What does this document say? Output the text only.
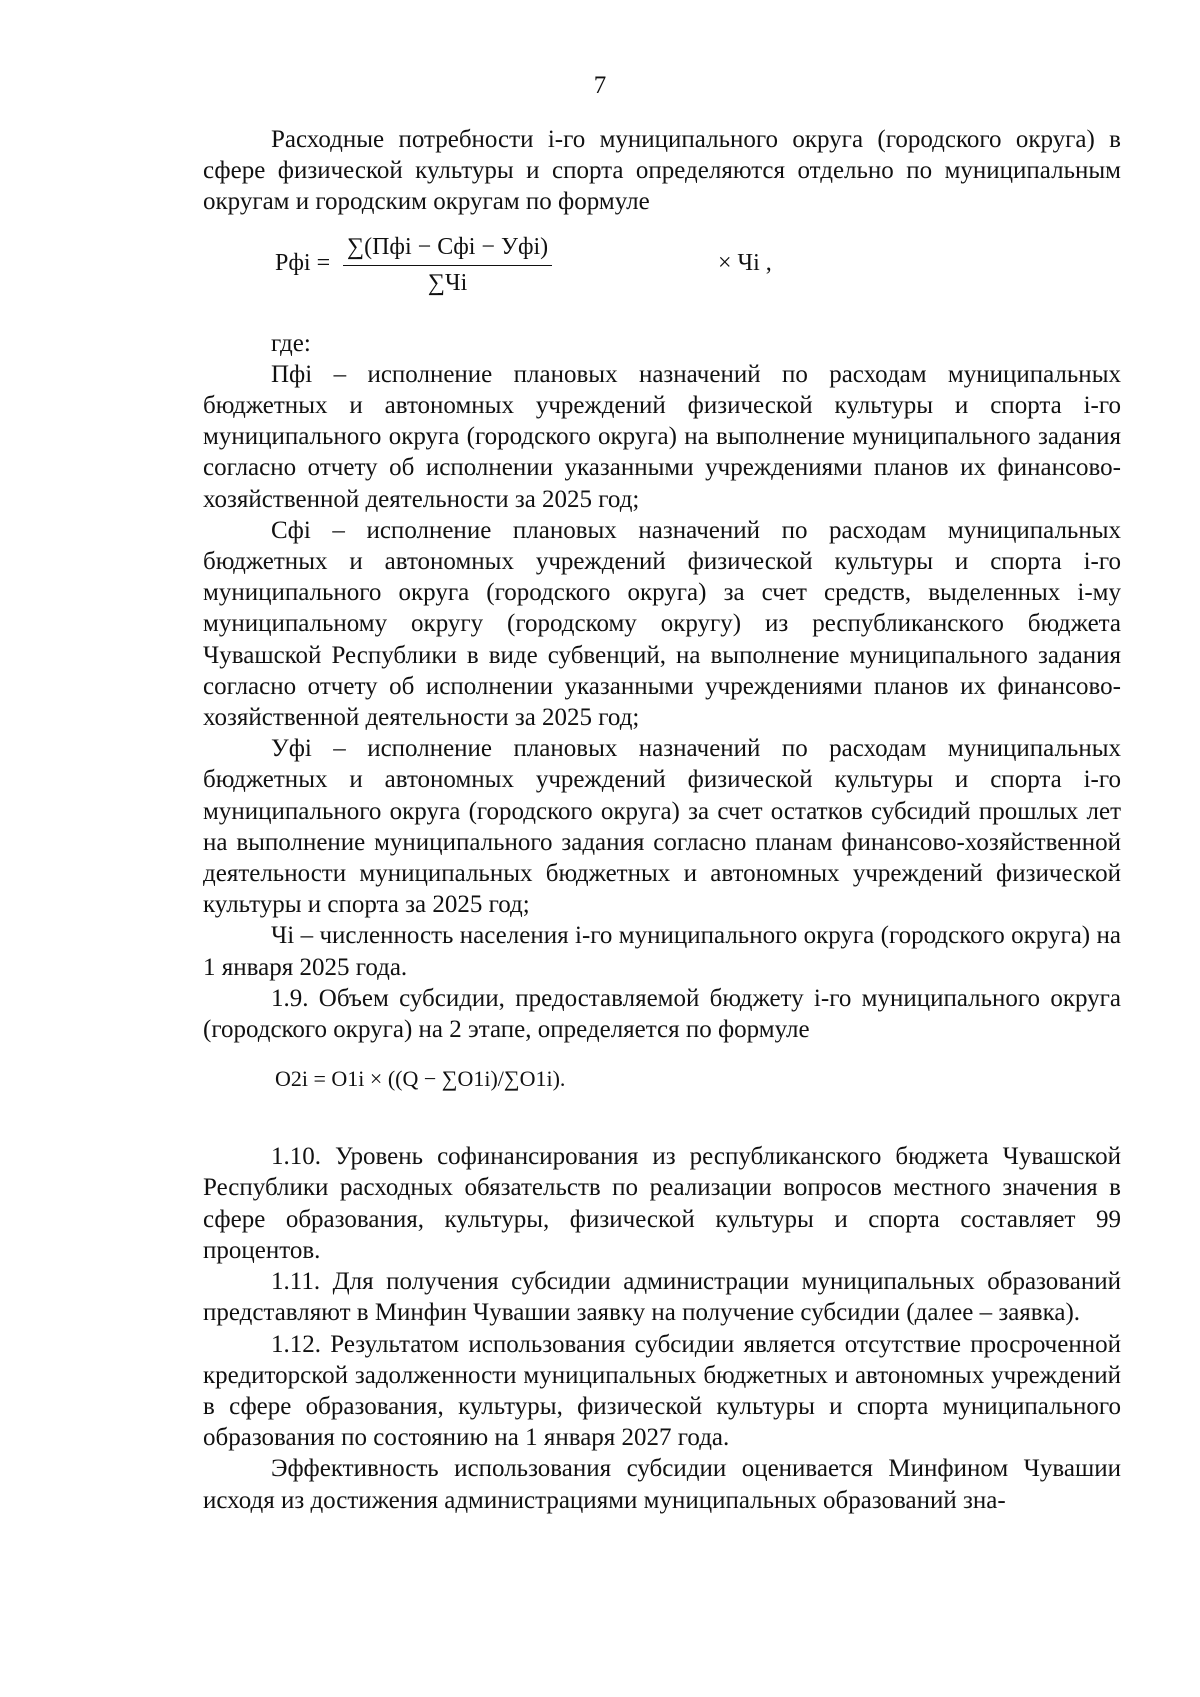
7

Расходные потребности i-го муниципального округа (городского округа) в сфере физической культуры и спорта определяются отдельно по муниципальным округам и городским округам по формуле

Рфi =
∑(Пфi − Сфi − Уфi)
∑Чi
× Чi ,

где:

Пфi – исполнение плановых назначений по расходам муниципальных бюджетных и автономных учреждений физической культуры и спорта i-го муниципального округа (городского округа) на выполнение муниципального задания согласно отчету об исполнении указанными учреждениями планов их финансово-хозяйственной деятельности за 2025 год;

Сфi – исполнение плановых назначений по расходам муниципальных бюджетных и автономных учреждений физической культуры и спорта i-го муниципального округа (городского округа) за счет средств, выделенных i-му муниципальному округу (городскому округу) из республиканского бюджета Чувашской Республики в виде субвенций, на выполнение муниципального задания согласно отчету об исполнении указанными учреждениями планов их финансово-хозяйственной деятельности за 2025 год;

Уфi – исполнение плановых назначений по расходам муниципальных бюджетных и автономных учреждений физической культуры и спорта i-го муниципального округа (городского округа) за счет остатков субсидий прошлых лет на выполнение муниципального задания согласно планам финансово-хозяйственной деятельности муниципальных бюджетных и автономных учреждений физической культуры и спорта за 2025 год;

Чi – численность населения i-го муниципального округа (городского округа) на 1 января 2025 года.

1.9. Объем субсидии, предоставляемой бюджету i-го муниципального округа (городского округа) на 2 этапе, определяется по формуле

O2i = O1i × ((Q − ∑O1i)/∑O1i).

1.10. Уровень софинансирования из республиканского бюджета Чувашской Республики расходных обязательств по реализации вопросов местного значения в сфере образования, культуры, физической культуры и спорта составляет 99 процентов.

1.11. Для получения субсидии администрации муниципальных образований представляют в Минфин Чувашии заявку на получение субсидии (далее – заявка).

1.12. Результатом использования субсидии является отсутствие просроченной кредиторской задолженности муниципальных бюджетных и автономных учреждений в сфере образования, культуры, физической культуры и спорта муниципального образования по состоянию на 1 января 2027 года.

Эффективность использования субсидии оценивается Минфином Чувашии исходя из достижения администрациями муниципальных образований зна-
